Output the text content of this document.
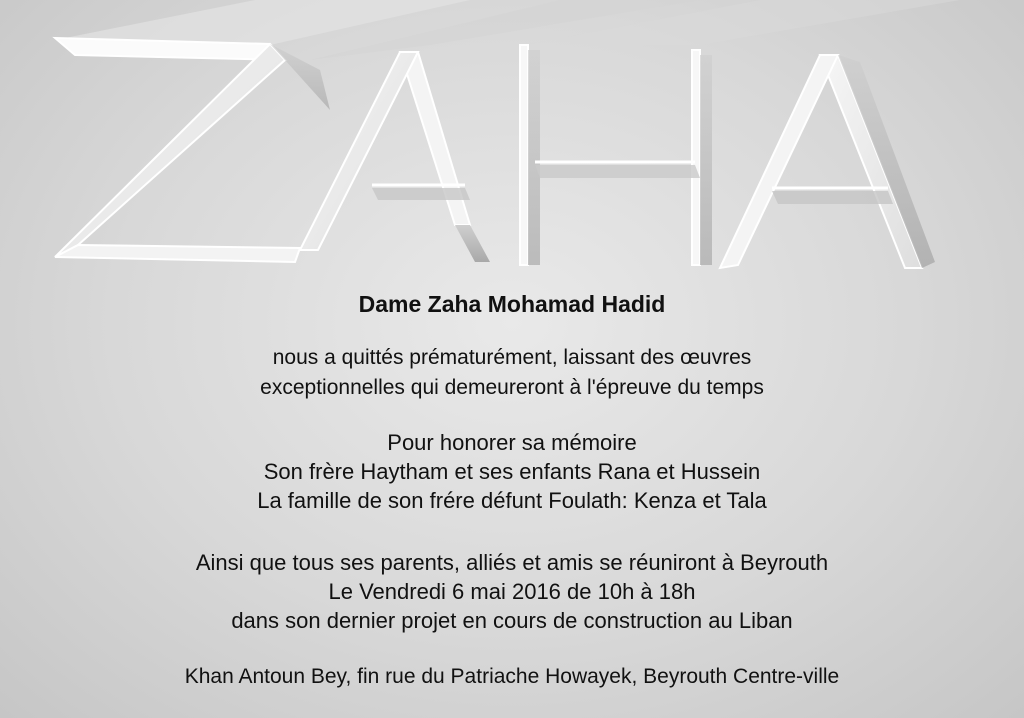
Dame Zaha Mohamad Hadid
nous a quittés prématurément, laissant des œuvres
exceptionnelles qui demeureront à l'épreuve du temps
Pour honorer sa mémoire
Son frère Haytham et ses enfants Rana et Hussein
La famille de son frére défunt Foulath: Kenza et Tala
Ainsi que tous ses parents, alliés et amis se réuniront à Beyrouth
Le Vendredi 6 mai 2016 de 10h à 18h
dans son dernier projet en cours de construction au Liban
Khan Antoun Bey, fin rue du Patriache Howayek, Beyrouth Centre-ville
